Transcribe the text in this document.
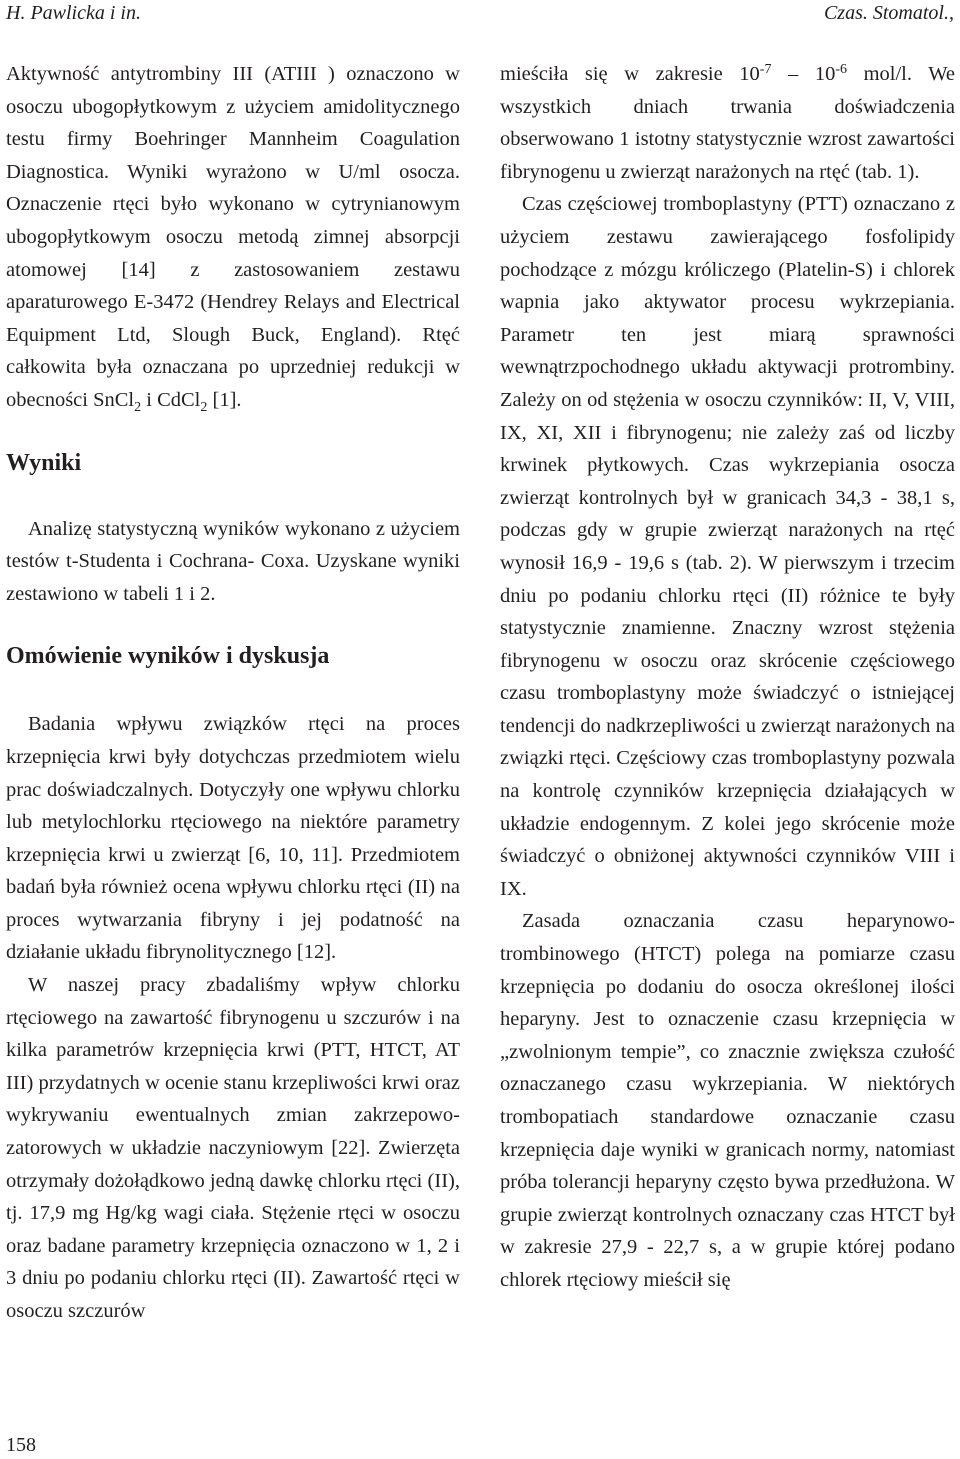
H. Pawlicka i in.	Czas. Stomatol.,

Aktywność antytrombiny III (ATIII ) oznaczono w osoczu ubogopłytkowym z użyciem amidolitycznego testu firmy Boehringer Mannheim Coagulation Diagnostica. Wyniki wyrażono w U/ml osocza. Oznaczenie rtęci było wykonano w cytrynianowym ubogopłytkowym osoczu metodą zimnej absorpcji atomowej [14] z zastosowaniem zestawu aparaturowego E-3472 (Hendrey Relays and Electrical Equipment Ltd, Slough Buck, England). Rtęć całkowita była oznaczana po uprzedniej redukcji w obecności SnCl$_2$ i CdCl$_2$ [1].

Wyniki

Analizę statystyczną wyników wykonano z użyciem testów t-Studenta i Cochrana- Coxa. Uzyskane wyniki zestawiono w tabeli 1 i 2.

Omówienie wyników i dyskusja

Badania wpływu związków rtęci na proces krzepnięcia krwi były dotychczas przedmiotem wielu prac doświadczalnych. Dotyczyły one wpływu chlorku lub metylochlorku rtęciowego na niektóre parametry krzepnięcia krwi u zwierząt [6, 10, 11]. Przedmiotem badań była również ocena wpływu chlorku rtęci (II) na proces wytwarzania fibryny i jej podatność na działanie układu fibrynolitycznego [12].

W naszej pracy zbadaliśmy wpływ chlorku rtęciowego na zawartość fibrynogenu u szczurów i na kilka parametrów krzepnięcia krwi (PTT, HTCT, AT III) przydatnych w ocenie stanu krzepliwości krwi oraz wykrywaniu ewentualnych zmian zakrzepowo- zatorowych w układzie naczyniowym [22]. Zwierzęta otrzymały dożołądkowo jedną dawkę chlorku rtęci (II), tj. 17,9 mg Hg/kg wagi ciała. Stężenie rtęci w osoczu oraz badane parametry krzepnięcia oznaczono w 1, 2 i 3 dniu po podaniu chlorku rtęci (II). Zawartość rtęci w osoczu szczurów

mieściła się w zakresie $10^{-7} - 10^{-6}$ mol/l. We wszystkich dniach trwania doświadczenia obserwowano 1 istotny statystycznie wzrost zawartości fibrynogenu u zwierząt narażonych na rtęć (tab. 1).

Czas częściowej tromboplastyny (PTT) oznaczano z użyciem zestawu zawierającego fosfolipidy pochodzące z mózgu króliczego (Platelin-S) i chlorek wapnia jako aktywator procesu wykrzepiania. Parametr ten jest miarą sprawności wewnątrzpochodnego układu aktywacji protrombiny. Zależy on od stężenia w osoczu czynników: II, V, VIII, IX, XI, XII i fibrynogenu; nie zależy zaś od liczby krwinek płytkowych. Czas wykrzepiania osocza zwierząt kontrolnych był w granicach 34,3 - 38,1 s, podczas gdy w grupie zwierząt narażonych na rtęć wynosił 16,9 - 19,6 s (tab. 2). W pierwszym i trzecim dniu po podaniu chlorku rtęci (II) różnice te były statystycznie znamienne. Znaczny wzrost stężenia fibrynogenu w osoczu oraz skrócenie częściowego czasu tromboplastyny może świadczyć o istniejącej tendencji do nadkrzepliwości u zwierząt narażonych na związki rtęci. Częściowy czas tromboplastyny pozwala na kontrolę czynników krzepnięcia działających w układzie endogennym. Z kolei jego skrócenie może świadczyć o obniżonej aktywności czynników VIII i IX.

Zasada oznaczania czasu heparynowo- trombinowego (HTCT) polega na pomiarze czasu krzepnięcia po dodaniu do osocza określonej ilości heparyny. Jest to oznaczenie czasu krzepnięcia w „zwolnionym tempie”, co znacznie zwiększa czułość oznaczanego czasu wykrzepiania. W niektórych trombopatiach standardowe oznaczanie czasu krzepnięcia daje wyniki w granicach normy, natomiast próba tolerancji heparyny często bywa przedłużona. W grupie zwierząt kontrolnych oznaczany czas HTCT był w zakresie 27,9 - 22,7 s, a w grupie której podano chlorek rtęciowy mieścił się

158
